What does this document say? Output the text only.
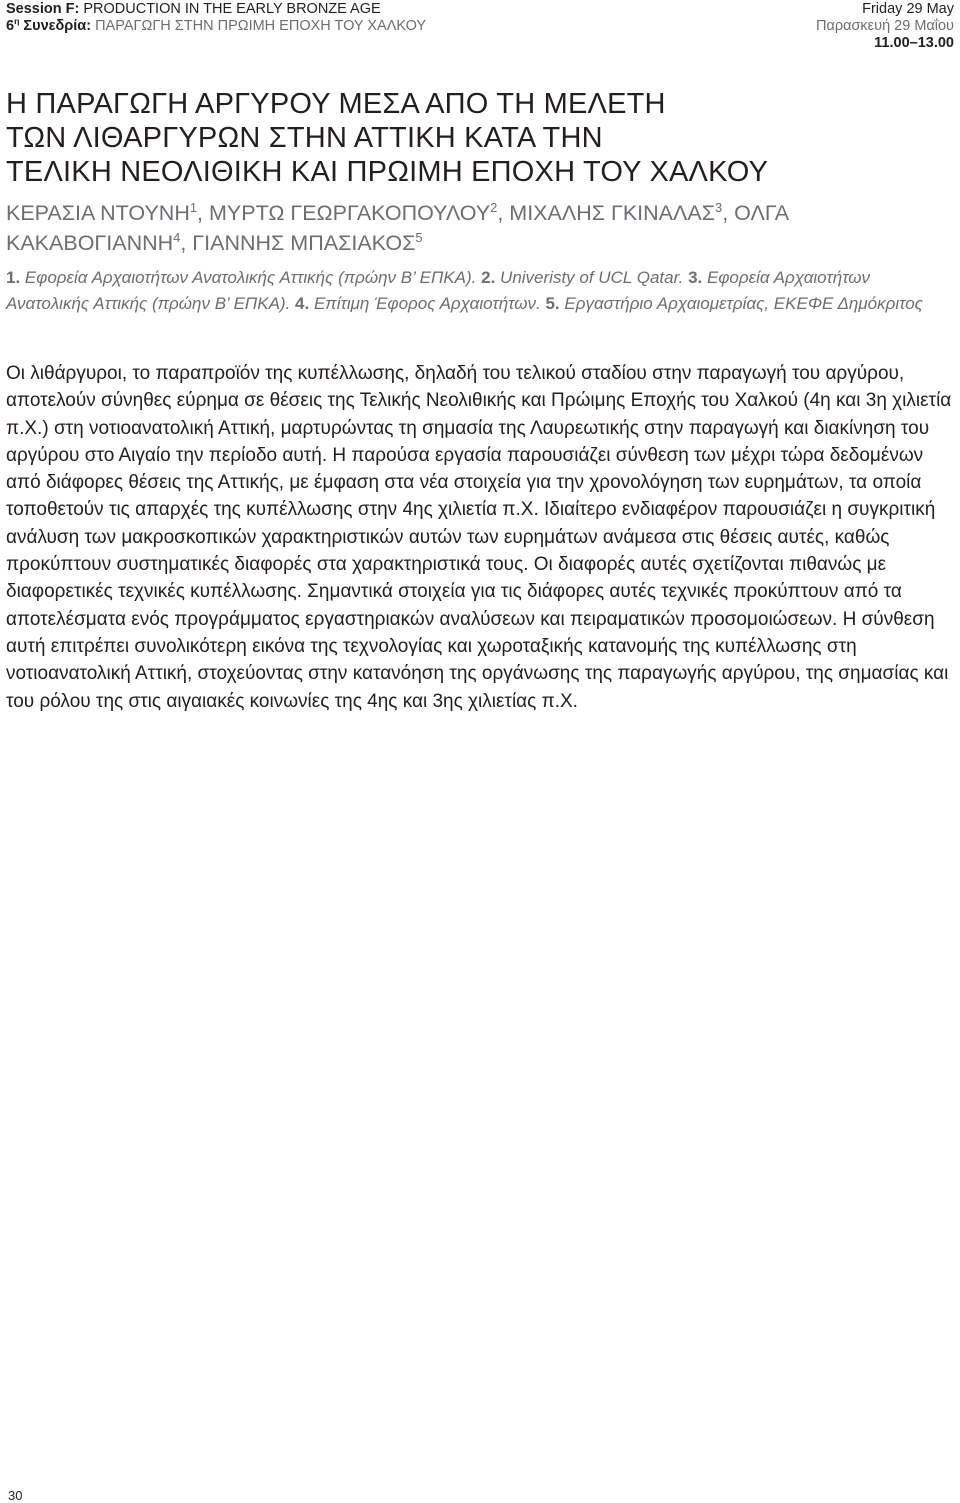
Session F: PRODUCTION IN THE EARLY BRONZE AGE
$6^\eta$ Συνεδρία: ΠΑΡΑΓΩΓΗ ΣΤΗΝ ΠΡΩΙΜΗ ΕΠΟΧΗ ΤΟΥ ΧΑΛΚΟΥ
Friday 29 May
Παρασκευή 29 Μαΐου
11.00–13.00
Η ΠΑΡΑΓΩΓΗ ΑΡΓΥΡΟΥ ΜΕΣΑ ΑΠΟ ΤΗ ΜΕΛΕΤΗ
ΤΩΝ ΛΙΘΑΡΓΥΡΩΝ ΣΤΗΝ ΑΤΤΙΚΗ ΚΑΤΑ ΤΗΝ
ΤΕΛΙΚΗ ΝΕΟΛΙΘΙΚΗ ΚΑΙ ΠΡΩΙΜΗ ΕΠΟΧΗ ΤΟΥ ΧΑΛΚΟΥ
ΚΕΡΑΣΙΑ ΝΤΟΥΝΗ$^1$, ΜΥΡΤΩ ΓΕΩΡΓΑΚΟΠΟΥΛΟΥ$^2$, ΜΙΧΑΛΗΣ ΓΚΙΝΑΛΑΣ$^3$, ΟΛΓΑ ΚΑΚΑΒΟΓΙΑΝΝΗ$^4$, ΓΙΑΝΝΗΣ ΜΠΑΣΙΑΚΟΣ$^5$
1. Εφορεία Αρχαιοτήτων Ανατολικής Αττικής (πρώην Β’ ΕΠΚΑ). 2. Univeristy of UCL Qatar. 3. Εφορεία Αρχαιοτήτων Ανατολικής Αττικής (πρώην Β’ ΕΠΚΑ). 4. Επίτιμη Έφορος Αρχαιοτήτων. 5. Εργαστήριο Αρχαιομετρίας, ΕΚΕΦΕ Δημόκριτος

Οι λιθάργυροι, το παραπροϊόν της κυπέλλωσης, δηλαδή του τελικού σταδίου στην παραγωγή του αργύρου, αποτελούν σύνηθες εύρημα σε θέσεις της Τελικής Νεολιθικής και Πρώιμης Εποχής του Χαλκού (4η και 3η χιλιετία π.Χ.) στη νοτιοανατολική Αττική, μαρτυρώντας τη σημασία της Λαυρεωτικής στην παραγωγή και διακίνηση του αργύρου στο Αιγαίο την περίοδο αυτή. Η παρούσα εργασία παρουσιάζει σύνθεση των μέχρι τώρα δεδομένων από διάφορες θέσεις της Αττικής, με έμφαση στα νέα στοιχεία για την χρονολόγηση των ευρημάτων, τα οποία τοποθετούν τις απαρχές της κυπέλλωσης στην 4ης χιλιετία π.Χ. Ιδιαίτερο ενδιαφέρον παρουσιάζει η συγκριτική ανάλυση των μακροσκοπικών χαρακτηριστικών αυτών των ευρημάτων ανάμεσα στις θέσεις αυτές, καθώς προκύπτουν συστηματικές διαφορές στα χαρακτηριστικά τους. Οι διαφορές αυτές σχετίζονται πιθανώς με διαφορετικές τεχνικές κυπέλλωσης. Σημαντικά στοιχεία για τις διάφορες αυτές τεχνικές προκύπτουν από τα αποτελέσματα ενός προγράμματος εργαστηριακών αναλύσεων και πειραματικών προσομοιώσεων. Η σύνθεση αυτή επιτρέπει συνολικότερη εικόνα της τεχνολογίας και χωροταξικής κατανομής της κυπέλλωσης στη νοτιοανατολική Αττική, στοχεύοντας στην κατανόηση της οργάνωσης της παραγωγής αργύρου, της σημασίας και του ρόλου της στις αιγαιακές κοινωνίες της 4ης και 3ης χιλιετίας π.Χ.

30
